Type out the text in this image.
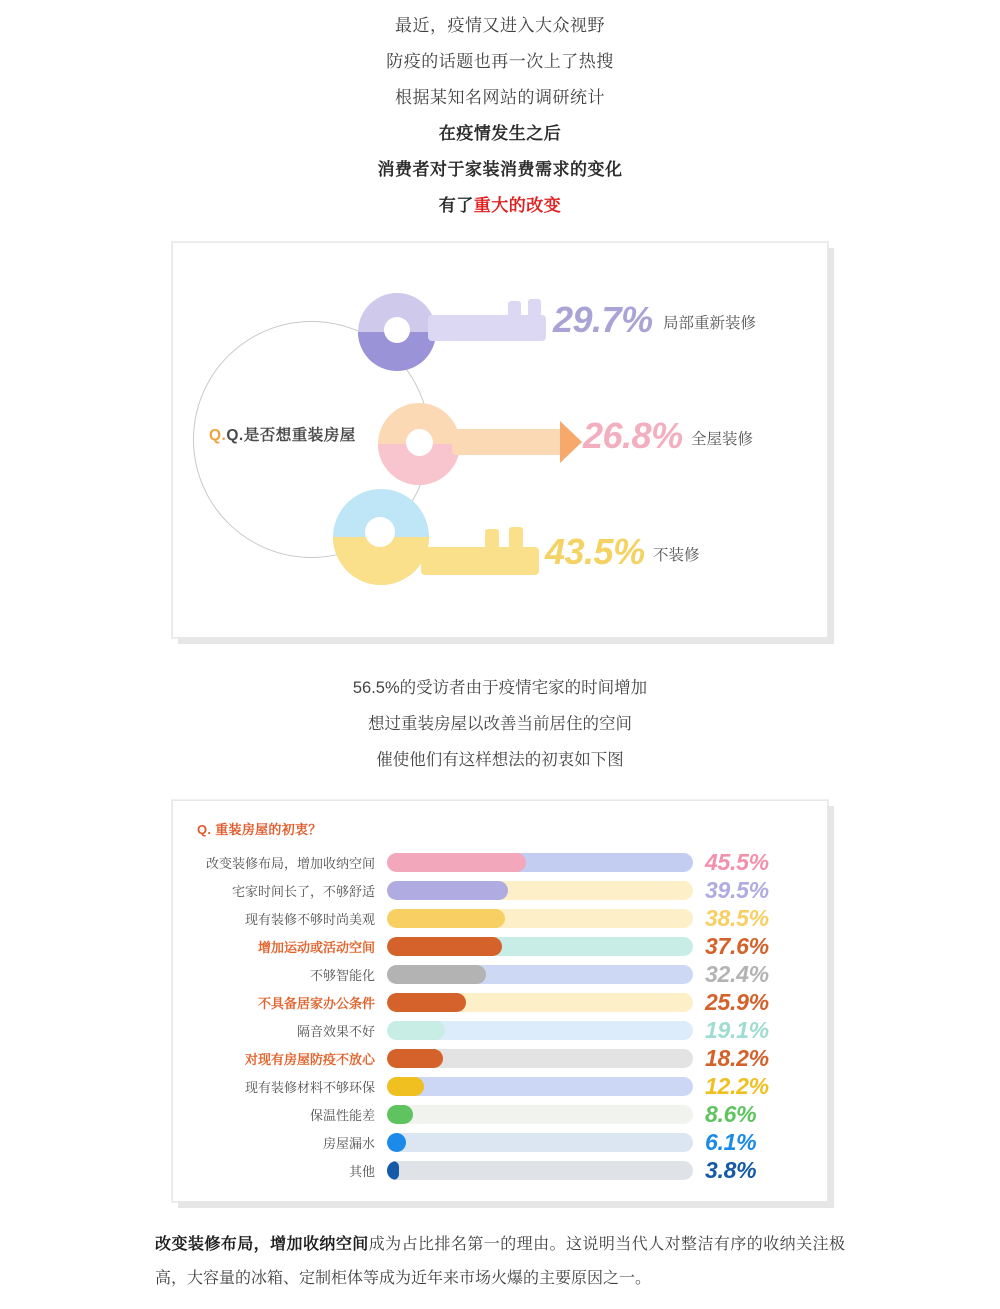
最近，疫情又进入大众视野

防疫的话题也再一次上了热搜

根据某知名网站的调研统计

在疫情发生之后

消费者对于家装消费需求的变化

有了重大的改变

Q.Q.是否想重装房屋
29.7% 局部重新装修
26.8% 全屋装修
43.5% 不装修

56.5%的受访者由于疫情宅家的时间增加

想过重装房屋以改善当前居住的空间

催使他们有这样想法的初衷如下图

Q. 重装房屋的初衷？
改变装修布局，增加收纳空间	45.5%
宅家时间长了，不够舒适	39.5%
现有装修不够时尚美观	38.5%
增加运动或活动空间	37.6%
不够智能化	32.4%
不具备居家办公条件	25.9%
隔音效果不好	19.1%
对现有房屋防疫不放心	18.2%
现有装修材料不够环保	12.2%
保温性能差	8.6%
房屋漏水	6.1%
其他	3.8%
改变装修布局，增加收纳空间成为占比排名第一的理由。这说明当代人对整洁有序的收纳关注极高，大容量的冰箱、定制柜体等成为近年来市场火爆的主要原因之一。
